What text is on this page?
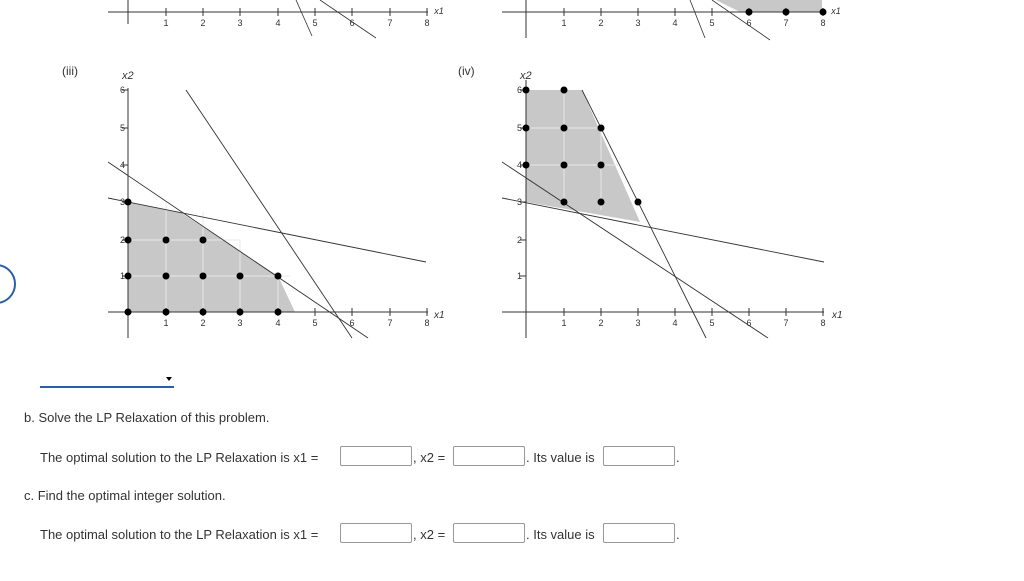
1	2	3	4	5	6	7	8
x1
1	2	3	4	5	6	7	8
x1
(iii)	x2
6
5
4
3
2
1
1	2	3	4	5	6	7	8
x1
(iv)	x2
6
5
4
3
2
1
1	2	3	4	5	6	7	8
x1
b. Solve the LP Relaxation of this problem.
The optimal solution to the LP Relaxation is x1 =	, x2 =	. Its value is	.
c. Find the optimal integer solution.
The optimal solution to the LP Relaxation is x1 =	, x2 =	. Its value is	.
